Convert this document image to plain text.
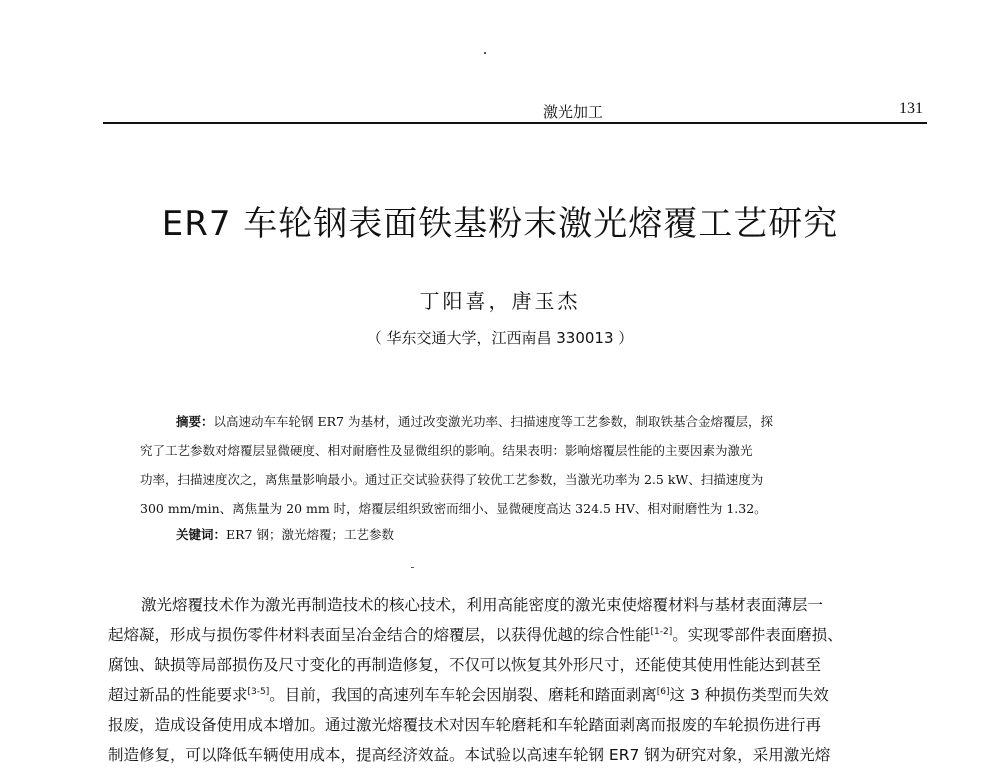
激光加工	131
ER7 车轮钢表面铁基粉末激光熔覆工艺研究
丁阳喜，唐玉杰
（ 华东交通大学，江西南昌 330013 ）
摘要：以高速动车车轮钢 ER7 为基材，通过改变激光功率、扫描速度等工艺参数，制取铁基合金熔覆层，探
究了工艺参数对熔覆层显微硬度、相对耐磨性及显微组织的影响。结果表明：影响熔覆层性能的主要因素为激光
功率，扫描速度次之，离焦量影响最小。通过正交试验获得了较优工艺参数，当激光功率为 2.5 kW、扫描速度为
300 mm/min、离焦量为 20 mm 时，熔覆层组织致密而细小、显微硬度高达 324.5 HV、相对耐磨性为 1.32。
关键词：ER7 钢；激光熔覆；工艺参数
激光熔覆技术作为激光再制造技术的核心技术，利用高能密度的激光束使熔覆材料与基材表面薄层一
起熔凝，形成与损伤零件材料表面呈冶金结合的熔覆层，以获得优越的综合性能[1-2]。实现零部件表面磨损、
腐蚀、缺损等局部损伤及尺寸变化的再制造修复，不仅可以恢复其外形尺寸，还能使其使用性能达到甚至
超过新品的性能要求[3-5]。目前，我国的高速列车车轮会因崩裂、磨耗和踏面剥离[6]这 3 种损伤类型而失效
报废，造成设备使用成本增加。通过激光熔覆技术对因车轮磨耗和车轮踏面剥离而报废的车轮损伤进行再
制造修复，可以降低车辆使用成本，提高经济效益。本试验以高速车轮钢 ER7 钢为研究对象，采用激光熔
